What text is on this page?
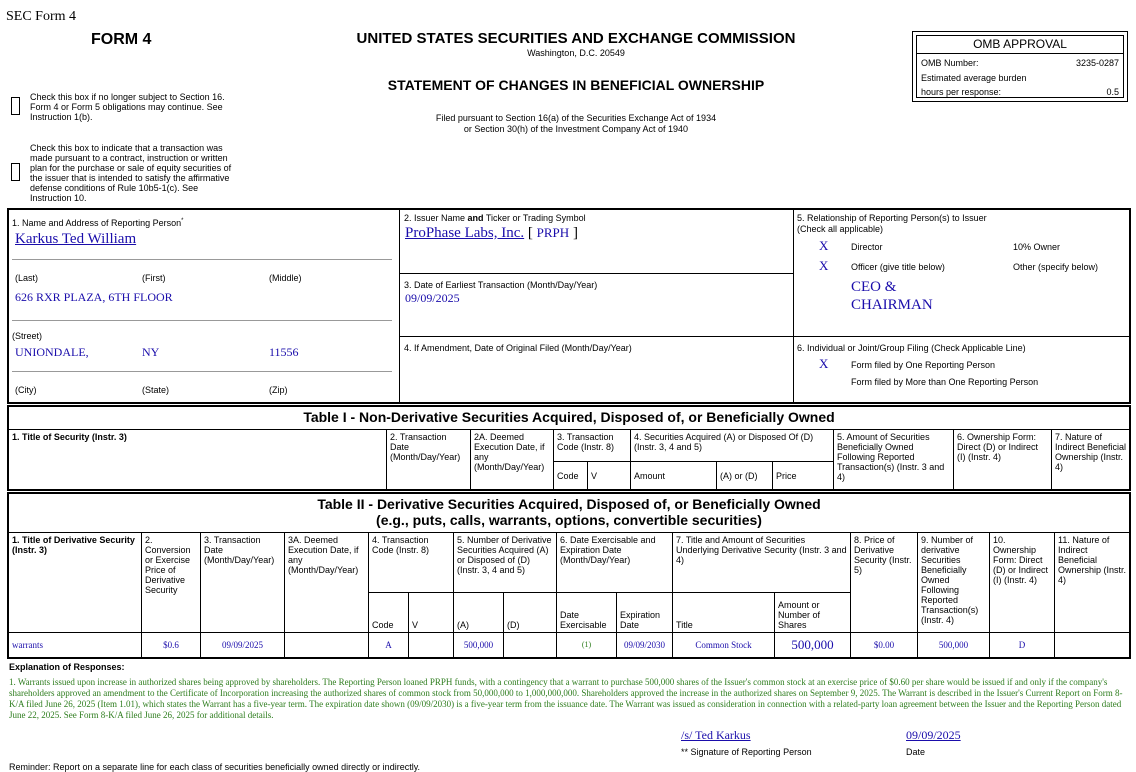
SEC Form 4
FORM 4	UNITED STATES SECURITIES AND EXCHANGE COMMISSION
Washington, D.C. 20549
STATEMENT OF CHANGES IN BENEFICIAL OWNERSHIP
Filed pursuant to Section 16(a) of the Securities Exchange Act of 1934
or Section 30(h) of the Investment Company Act of 1940
Check this box if no longer subject to Section 16. Form 4 or Form 5 obligations may continue. See Instruction 1(b).
Check this box to indicate that a transaction was made pursuant to a contract, instruction or written plan for the purchase or sale of equity securities of the issuer that is intended to satisfy the affirmative defense conditions of Rule 10b5-1(c). See Instruction 10.
OMB APPROVAL
OMB Number:	3235-0287
Estimated average burden
hours per response:	0.5
1. Name and Address of Reporting Person*
Karkus Ted William
(Last)	(First)	(Middle)
626 RXR PLAZA, 6TH FLOOR
(Street)
UNIONDALE,	NY	11556
(City)	(State)	(Zip)
2. Issuer Name and Ticker or Trading Symbol
ProPhase Labs, Inc. [ PRPH ]
3. Date of Earliest Transaction (Month/Day/Year)
09/09/2025
4. If Amendment, Date of Original Filed (Month/Day/Year)
5. Relationship of Reporting Person(s) to Issuer
(Check all applicable)
X	Director	10% Owner
X	Officer (give title below)	Other (specify below)
CEO &
CHAIRMAN
6. Individual or Joint/Group Filing (Check Applicable Line)
X	Form filed by One Reporting Person
Form filed by More than One Reporting Person
Table I - Non-Derivative Securities Acquired, Disposed of, or Beneficially Owned
1. Title of Security (Instr. 3)	2. Transaction Date (Month/Day/Year)	2A. Deemed Execution Date, if any (Month/Day/Year)	3. Transaction Code (Instr. 8)		4. Securities Acquired (A) or Disposed Of (D) (Instr. 3, 4 and 5)			5. Amount of Securities Beneficially Owned Following Reported Transaction(s) (Instr. 3 and 4)	6. Ownership Form: Direct (D) or Indirect (I) (Instr. 4)	7. Nature of Indirect Beneficial Ownership (Instr. 4)
			Code	V	Amount	(A) or (D)	Price			
Table II - Derivative Securities Acquired, Disposed of, or Beneficially Owned
(e.g., puts, calls, warrants, options, convertible securities)
1. Title of Derivative Security (Instr. 3)	2. Conversion or Exercise Price of Derivative Security	3. Transaction Date (Month/Day/Year)	3A. Deemed Execution Date, if any (Month/Day/Year)	4. Transaction Code (Instr. 8)		5. Number of Derivative Securities Acquired (A) or Disposed of (D) (Instr. 3, 4 and 5)		6. Date Exercisable and Expiration Date (Month/Day/Year)		7. Title and Amount of Securities Underlying Derivative Security (Instr. 3 and 4)		8. Price of Derivative Security (Instr. 5)	9. Number of derivative Securities Beneficially Owned Following Reported Transaction(s) (Instr. 4)	10. Ownership Form: Direct (D) or Indirect (I) (Instr. 4)	11. Nature of Indirect Beneficial Ownership (Instr. 4)
				Code	V	(A)	(D)	Date Exercisable	Expiration Date	Title	Amount or Number of Shares				
warrants	$0.6	09/09/2025		A		500,000		(1)	09/09/2030	Common Stock	500,000	$0.00	500,000	D	
Explanation of Responses:
1. Warrants issued upon increase in authorized shares being approved by shareholders. The Reporting Person loaned PRPH funds, with a contingency that a warrant to purchase 500,000 shares of the Issuer's common stock at an exercise price of $0.60 per share would be issued if and only if the company's shareholders approved an amendment to the Certificate of Incorporation increasing the authorized shares of common stock from 50,000,000 to 1,000,000,000. Shareholders approved the increase in the authorized shares on September 9, 2025. The Warrant is described in the Issuer's Current Report on Form 8-K/A filed June 26, 2025 (Item 1.01), which states the Warrant has a five-year term. The expiration date shown (09/09/2030) is a five-year term from the issuance date. The Warrant was issued as consideration in connection with a related-party loan agreement between the Issuer and the Reporting Person dated June 22, 2025. See Form 8-K/A filed June 26, 2025 for additional details.
/s/ Ted Karkus
** Signature of Reporting Person
09/09/2025
Date
Reminder: Report on a separate line for each class of securities beneficially owned directly or indirectly.
